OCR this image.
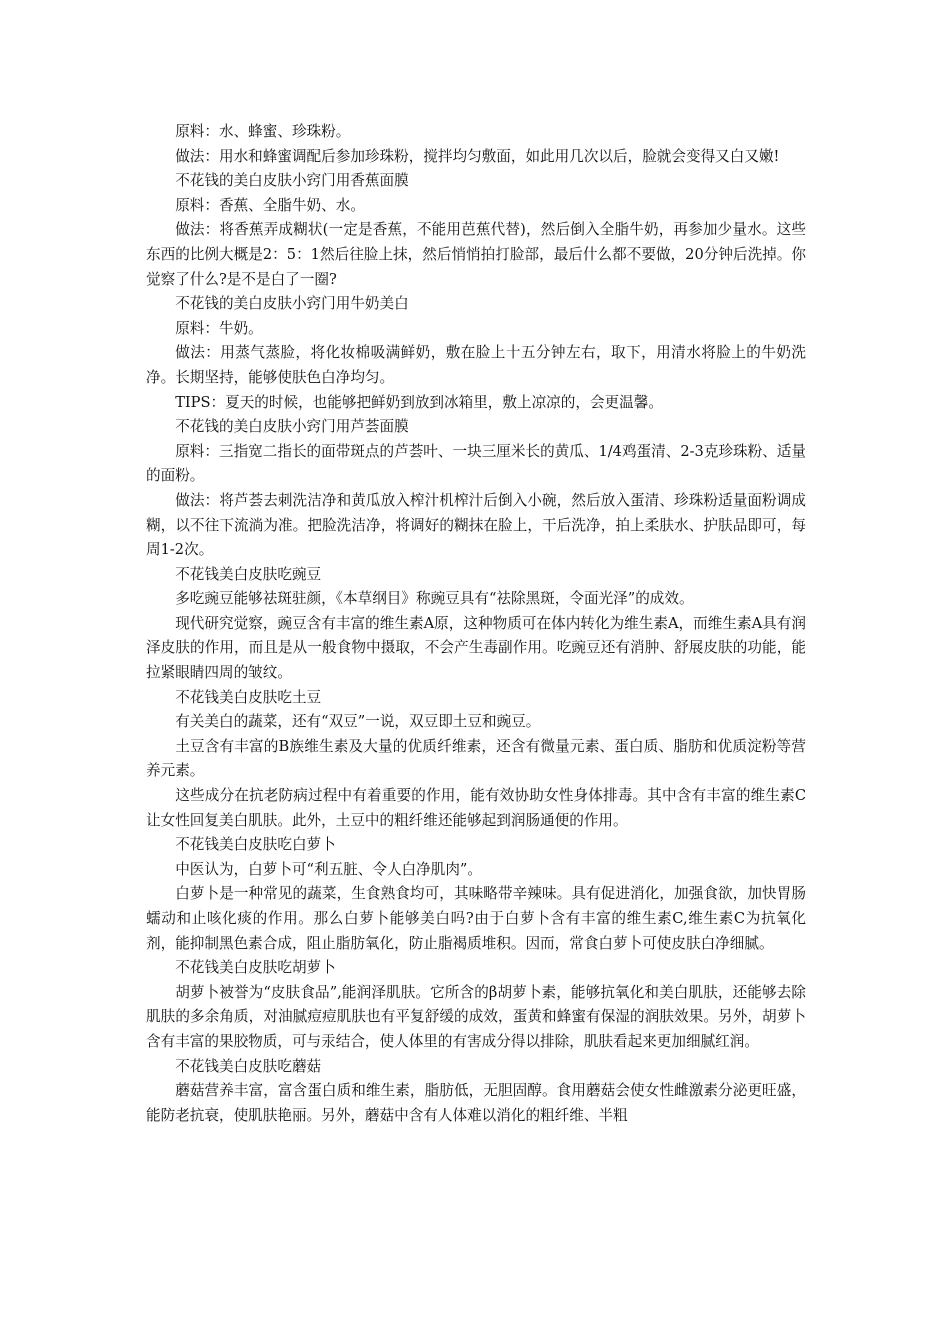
原料：水、蜂蜜、珍珠粉。

做法：用水和蜂蜜调配后参加珍珠粉，搅拌均匀敷面，如此用几次以后，脸就会变得又白又嫩!

不花钱的美白皮肤小窍门用香蕉面膜

原料：香蕉、全脂牛奶、水。

做法：将香蕉弄成糊状(一定是香蕉，不能用芭蕉代替)，然后倒入全脂牛奶，再参加少量水。这些东西的比例大概是2：5：1然后往脸上抹，然后悄悄拍打脸部，最后什么都不要做，20分钟后洗掉。你觉察了什么?是不是白了一圈?

不花钱的美白皮肤小窍门用牛奶美白

原料：牛奶。

做法：用蒸气蒸脸，将化妆棉吸满鲜奶，敷在脸上十五分钟左右，取下，用清水将脸上的牛奶洗净。长期坚持，能够使肤色白净均匀。

TIPS：夏天的时候，也能够把鲜奶到放到冰箱里，敷上凉凉的，会更温馨。

不花钱的美白皮肤小窍门用芦荟面膜

原料：三指宽二指长的面带斑点的芦荟叶、一块三厘米长的黄瓜、1/4鸡蛋清、2-3克珍珠粉、适量的面粉。

做法：将芦荟去刺洗洁净和黄瓜放入榨汁机榨汁后倒入小碗，然后放入蛋清、珍珠粉适量面粉调成糊，以不往下流淌为准。把脸洗洁净，将调好的糊抹在脸上，干后洗净，拍上柔肤水、护肤品即可，每周1-2次。

不花钱美白皮肤吃豌豆

多吃豌豆能够祛斑驻颜，《本草纲目》称豌豆具有“祛除黑斑，令面光泽”的成效。

现代研究觉察，豌豆含有丰富的维生素A原，这种物质可在体内转化为维生素A，而维生素A具有润泽皮肤的作用，而且是从一般食物中摄取，不会产生毒副作用。吃豌豆还有消肿、舒展皮肤的功能，能拉紧眼睛四周的皱纹。

不花钱美白皮肤吃土豆

有关美白的蔬菜，还有“双豆”一说，双豆即土豆和豌豆。

土豆含有丰富的B族维生素及大量的优质纤维素，还含有微量元素、蛋白质、脂肪和优质淀粉等营养元素。

这些成分在抗老防病过程中有着重要的作用，能有效协助女性身体排毒。其中含有丰富的维生素C让女性回复美白肌肤。此外，土豆中的粗纤维还能够起到润肠通便的作用。

不花钱美白皮肤吃白萝卜

中医认为，白萝卜可“利五脏、令人白净肌肉”。

白萝卜是一种常见的蔬菜，生食熟食均可，其味略带辛辣味。具有促进消化，加强食欲，加快胃肠蠕动和止咳化痰的作用。那么白萝卜能够美白吗?由于白萝卜含有丰富的维生素C,维生素C为抗氧化剂，能抑制黑色素合成，阻止脂肪氧化，防止脂褐质堆积。因而，常食白萝卜可使皮肤白净细腻。

不花钱美白皮肤吃胡萝卜

胡萝卜被誉为“皮肤食品”,能润泽肌肤。它所含的β胡萝卜素，能够抗氧化和美白肌肤，还能够去除肌肤的多余角质，对油腻痘痘肌肤也有平复舒缓的成效，蛋黄和蜂蜜有保湿的润肤效果。另外，胡萝卜含有丰富的果胶物质，可与汞结合，使人体里的有害成分得以排除，肌肤看起来更加细腻红润。

不花钱美白皮肤吃蘑菇

蘑菇营养丰富，富含蛋白质和维生素，脂肪低，无胆固醇。食用蘑菇会使女性雌激素分泌更旺盛，能防老抗衰，使肌肤艳丽。另外，蘑菇中含有人体难以消化的粗纤维、半粗
